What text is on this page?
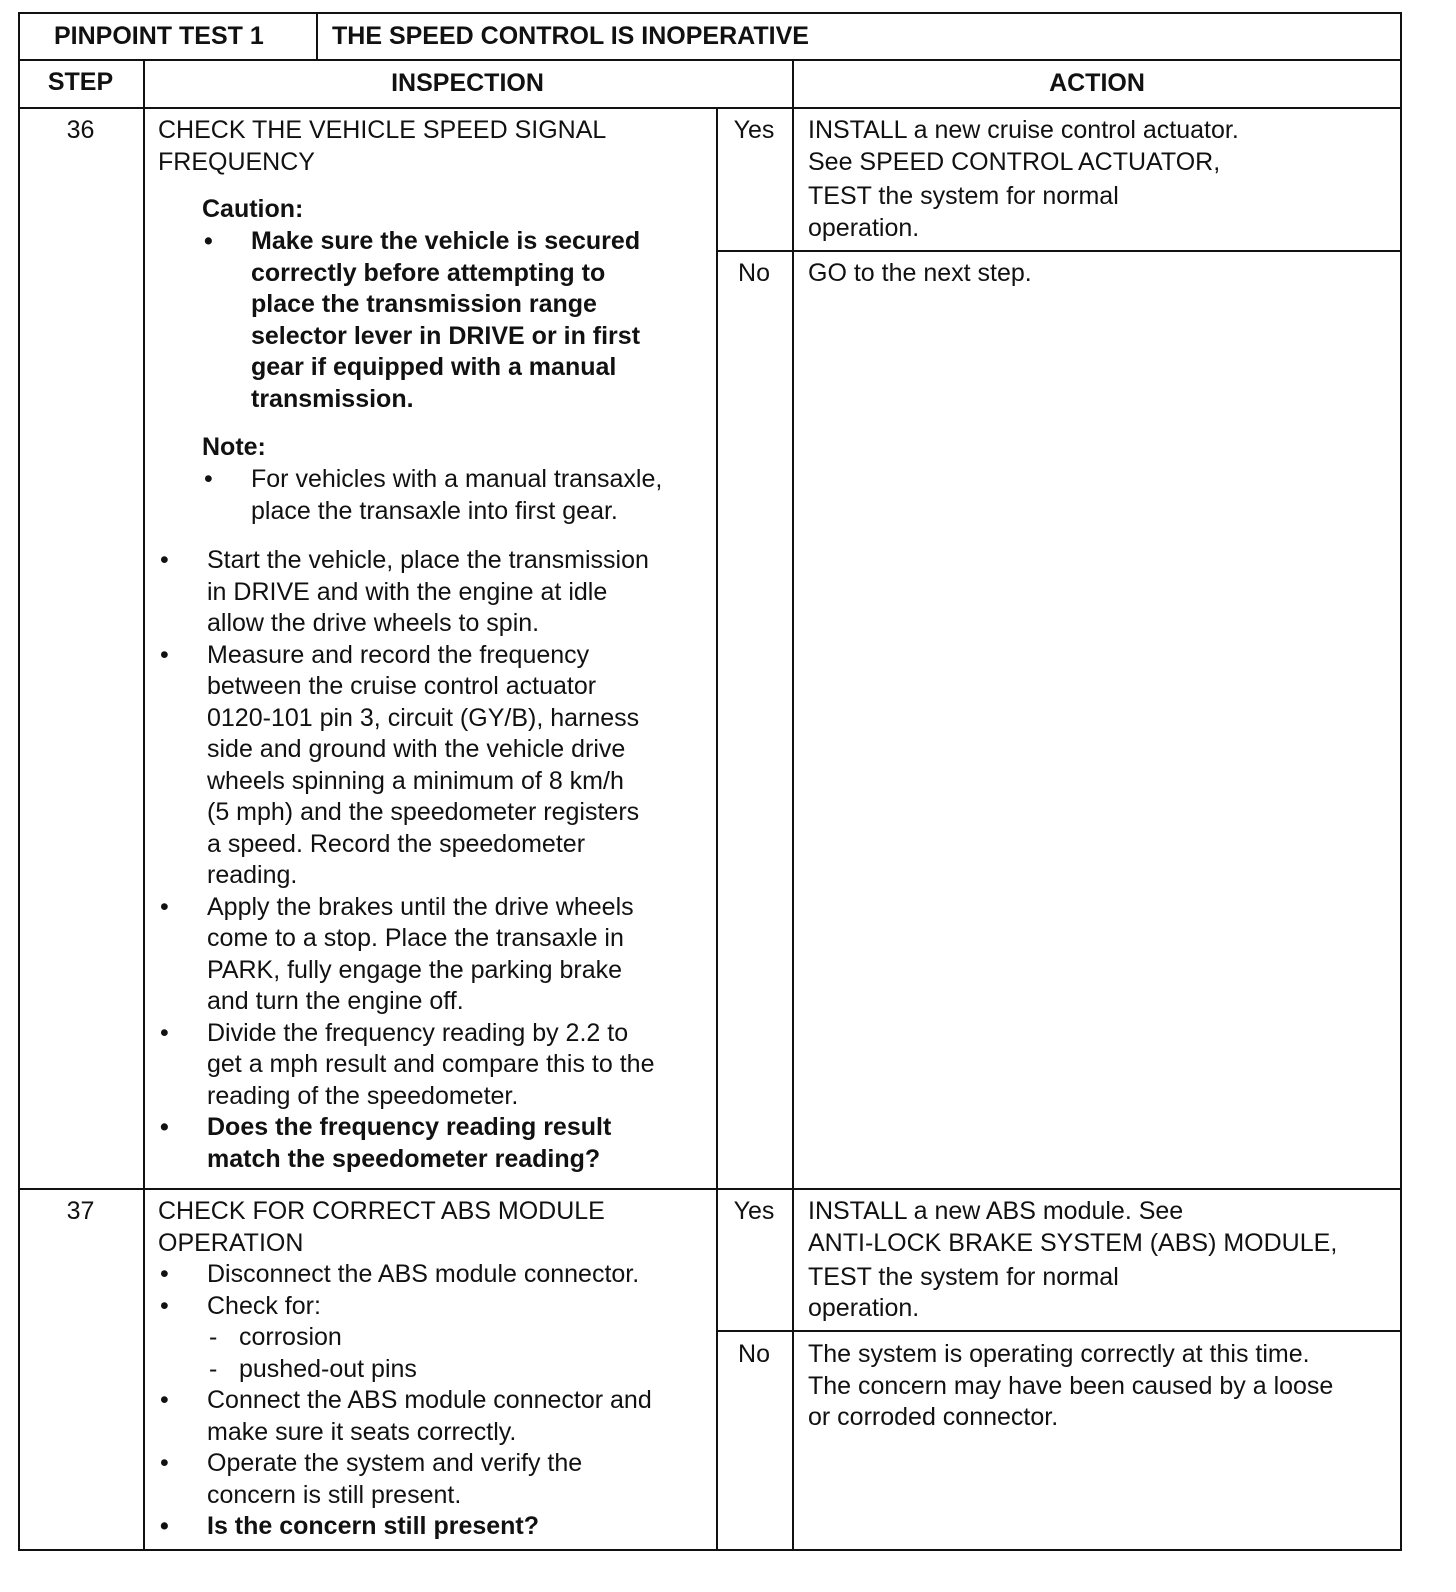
PINPOINT TEST 1	THE SPEED CONTROL IS INOPERATIVE
STEP	INSPECTION	ACTION
36	CHECK THE VEHICLE SPEED SIGNAL
FREQUENCY
Caution:
• Make sure the vehicle is secured
correctly before attempting to
place the transmission range
selector lever in DRIVE or in first
gear if equipped with a manual
transmission.
Note:
• For vehicles with a manual transaxle,
place the transaxle into first gear.
• Start the vehicle, place the transmission
in DRIVE and with the engine at idle
allow the drive wheels to spin.
• Measure and record the frequency
between the cruise control actuator
0120-101 pin 3, circuit (GY/B), harness
side and ground with the vehicle drive
wheels spinning a minimum of 8 km/h
(5 mph) and the speedometer registers
a speed. Record the speedometer
reading.
• Apply the brakes until the drive wheels
come to a stop. Place the transaxle in
PARK, fully engage the parking brake
and turn the engine off.
• Divide the frequency reading by 2.2 to
get a mph result and compare this to the
reading of the speedometer.
• Does the frequency reading result
match the speedometer reading?
Yes	INSTALL a new cruise control actuator.
See SPEED CONTROL ACTUATOR,
TEST the system for normal
operation.
No	GO to the next step.
37	CHECK FOR CORRECT ABS MODULE
OPERATION
• Disconnect the ABS module connector.
• Check for:
- corrosion
- pushed-out pins
• Connect the ABS module connector and
make sure it seats correctly.
• Operate the system and verify the
concern is still present.
• Is the concern still present?
Yes	INSTALL a new ABS module. See
ANTI-LOCK BRAKE SYSTEM (ABS) MODULE,
TEST the system for normal
operation.
No	The system is operating correctly at this time.
The concern may have been caused by a loose
or corroded connector.
